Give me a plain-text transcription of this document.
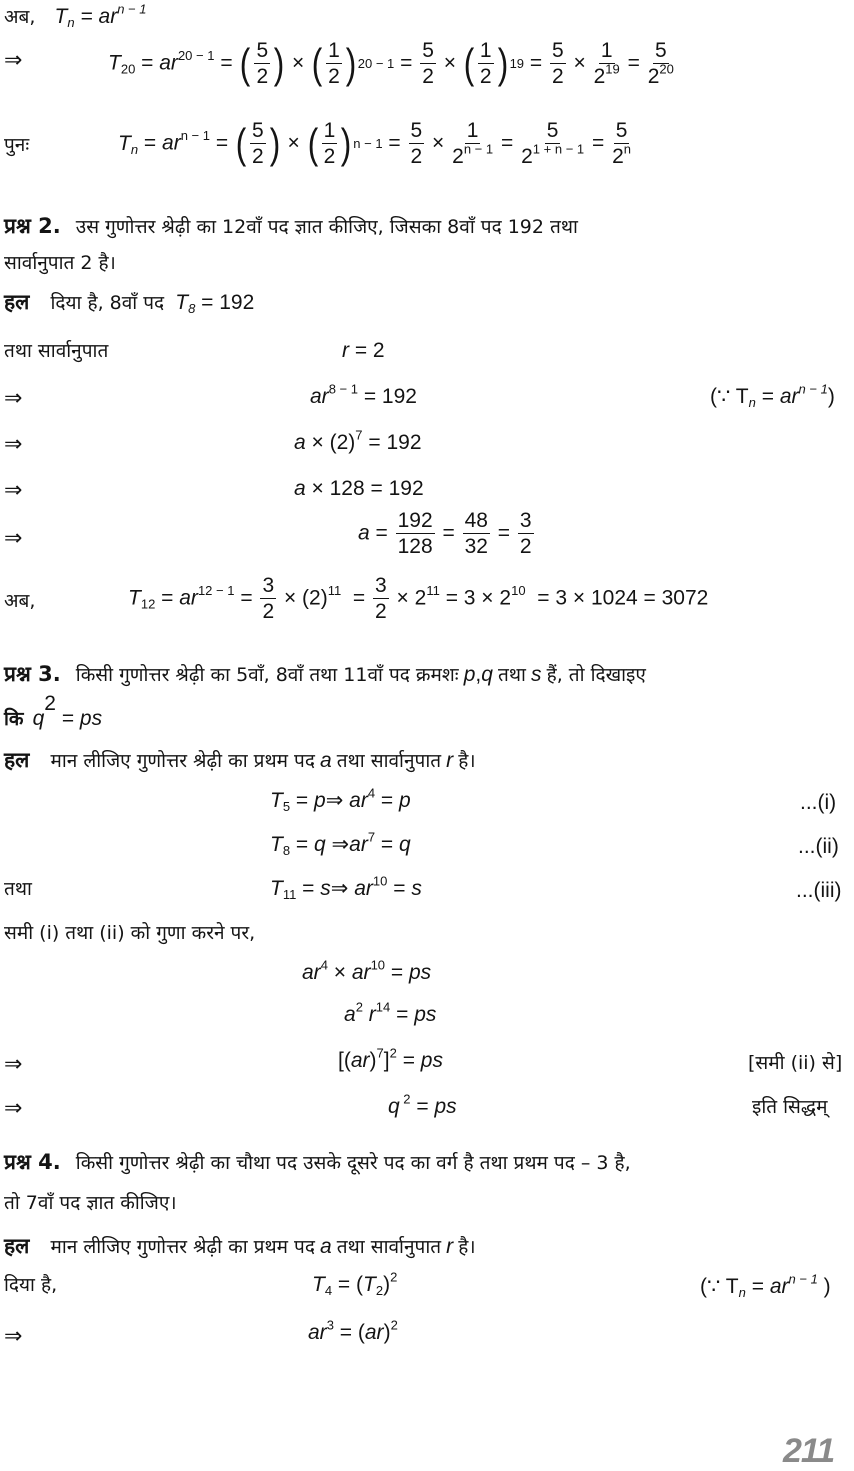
अब, $T_n = ar^{n - 1}$
⇒	$T_{20} = ar^{20 - 1}$ = ( 5
2 ) × ( 1
2 ) $20 - 1 = \frac{5}{2}$ × ( 1
2 ) $19 = \frac{5}{2} \times \frac{1}{2^{19}} = \frac{5}{2^{20}}$
पुनः	$T_n = ar^{n - 1}$ = ( 5
2 ) × ( 1
2 ) $n - 1 = \frac{5}{2} \times \frac{1}{2^{n - 1}} = \frac{5}{2^{1 + n - 1}} = \frac{5}{2^n}$
प्रश्न 2. उस गुणोत्तर श्रेढ़ी का 12वाँ पद ज्ञात कीजिए, जिसका 8वाँ पद 192 तथा
सार्वानुपात 2 है।
हल दिया है, 8वाँ पद $T_8 = 192$
तथा सार्वानुपात	r = 2
⇒	$ar^{8 - 1} = 192$	(∵ $T_n = ar^{n - 1}$)
⇒	$a \times (2)^7 = 192$
⇒	a × 128 = 192
⇒	$a = \frac{192}{128} = \frac{48}{32} = \frac{3}{2}$
अब,	$T_{12} = ar^{12 - 1} = \frac{3}{2} \times (2)^{11} = \frac{3}{2} \times 2^{11} = 3 \times 2^{10} = 3 \times 1024 = 3072$
प्रश्न 3. किसी गुणोत्तर श्रेढ़ी का 5वाँ, 8वाँ तथा 11वाँ पद क्रमशः p,q तथा s हैं, तो दिखाइए
कि $q^2$ = ps
हल मान लीजिए गुणोत्तर श्रेढ़ी का प्रथम पद a तथा सार्वानुपात r है।
$T_5$ = p⇒ $ar^4 = p$	...(i)
$T_8 = q$ $\Rightarrow ar^7 = q$	...(ii)
तथा	$T_{11}$ = s⇒ $ar^{10} = s$	...(iii)
समी (i) तथा (ii) को गुणा करने पर,
$ar^4 \times ar^{10}$ = ps
$a^2$ $r^{14}$ = ps
⇒	$[(ar)^7]^2$ = ps	[समी (ii) से]
⇒	q $^2$ = ps	इति सिद्धम्
प्रश्न 4. किसी गुणोत्तर श्रेढ़ी का चौथा पद उसके दूसरे पद का वर्ग है तथा प्रथम पद – 3 है,
तो 7वाँ पद ज्ञात कीजिए।
हल मान लीजिए गुणोत्तर श्रेढ़ी का प्रथम पद a तथा सार्वानुपात r है।
दिया है,	$T_4 = (T_2)^2$	(∵ $T_n = ar^{n - 1}$ )
⇒	$ar^3 = (ar)^2$
211
